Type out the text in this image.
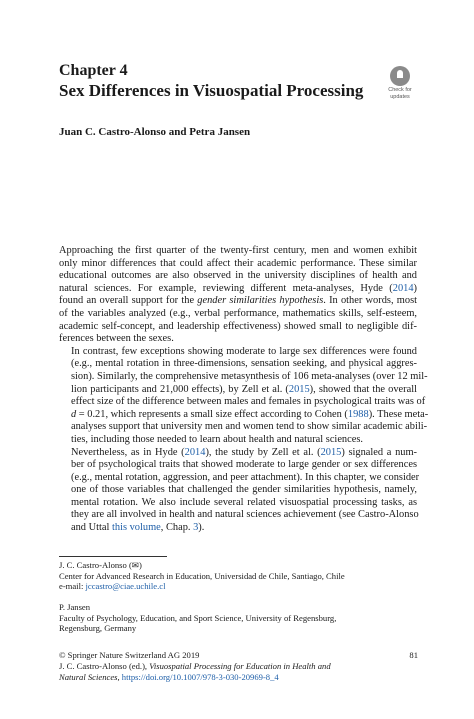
Chapter 4
Sex Differences in Visuospatial Processing	Check for
updates
Juan C. Castro-Alonso and Petra Jansen

Approaching the first quarter of the twenty-first century, men and women exhibit
only minor differences that could affect their academic performance. These similar
educational outcomes are also observed in the university disciplines of health and
natural sciences. For example, reviewing different meta-analyses, Hyde (2014)
found an overall support for the gender similarities hypothesis. In other words, most
of the variables analyzed (e.g., verbal performance, mathematics skills, self-esteem,
academic self-concept, and leadership effectiveness) showed small to negligible dif-
ferences between the sexes.

In contrast, few exceptions showing moderate to large sex differences were found
(e.g., mental rotation in three-dimensions, sensation seeking, and physical aggres-
sion). Similarly, the comprehensive metasynthesis of 106 meta-analyses (over 12 mil-
lion participants and 21,000 effects), by Zell et al. (2015), showed that the overall
effect size of the difference between males and females in psychological traits was of
d = 0.21, which represents a small size effect according to Cohen (1988). These meta-
analyses support that university men and women tend to show similar academic abili-
ties, including those needed to learn about health and natural sciences.

Nevertheless, as in Hyde (2014), the study by Zell et al. (2015) signaled a num-
ber of psychological traits that showed moderate to large gender or sex differences
(e.g., mental rotation, aggression, and peer attachment). In this chapter, we consider
one of those variables that challenged the gender similarities hypothesis, namely,
mental rotation. We also include several related visuospatial processing tasks, as
they are all involved in health and natural sciences achievement (see Castro-Alonso
and Uttal this volume, Chap. 3).

J. C. Castro-Alonso (✉)
Center for Advanced Research in Education, Universidad de Chile, Santiago, Chile
e-mail: jccastro@ciae.uchile.cl
P. Jansen
Faculty of Psychology, Education, and Sport Science, University of Regensburg,
Regensburg, Germany
© Springer Nature Switzerland AG 2019
J. C. Castro-Alonso (ed.), Visuospatial Processing for Education in Health and
Natural Sciences, https://doi.org/10.1007/978-3-030-20969-8_4
81
